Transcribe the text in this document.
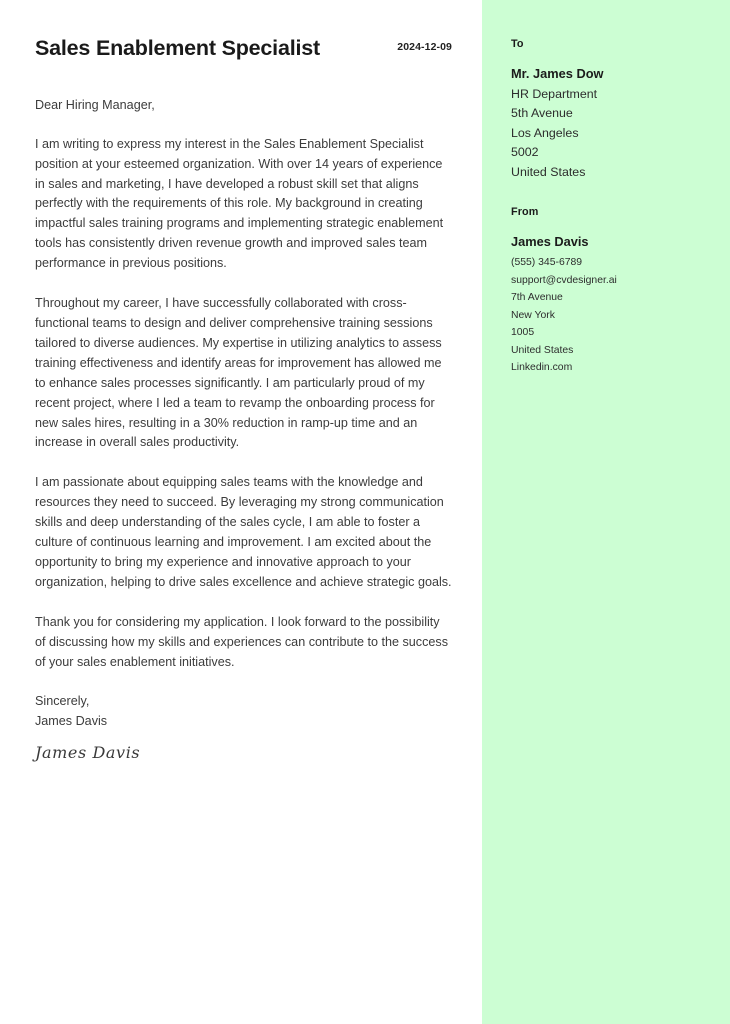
Sales Enablement Specialist	2024-12-09

Dear Hiring Manager,

I am writing to express my interest in the Sales Enablement Specialist position at your esteemed organization. With over 14 years of experience in sales and marketing, I have developed a robust skill set that aligns perfectly with the requirements of this role. My background in creating impactful sales training programs and implementing strategic enablement tools has consistently driven revenue growth and improved sales team performance in previous positions.

Throughout my career, I have successfully collaborated with cross-functional teams to design and deliver comprehensive training sessions tailored to diverse audiences. My expertise in utilizing analytics to assess training effectiveness and identify areas for improvement has allowed me to enhance sales processes significantly. I am particularly proud of my recent project, where I led a team to revamp the onboarding process for new sales hires, resulting in a 30% reduction in ramp-up time and an increase in overall sales productivity.

I am passionate about equipping sales teams with the knowledge and resources they need to succeed. By leveraging my strong communication skills and deep understanding of the sales cycle, I am able to foster a culture of continuous learning and improvement. I am excited about the opportunity to bring my experience and innovative approach to your organization, helping to drive sales excellence and achieve strategic goals.

Thank you for considering my application. I look forward to the possibility of discussing how my skills and experiences can contribute to the success of your sales enablement initiatives.

Sincerely,
James Davis
James Davis
To
Mr. James Dow
HR Department
5th Avenue
Los Angeles
5002
United States
From
James Davis
(555) 345-6789
support@cvdesigner.ai
7th Avenue
New York
1005
United States
Linkedin.com
